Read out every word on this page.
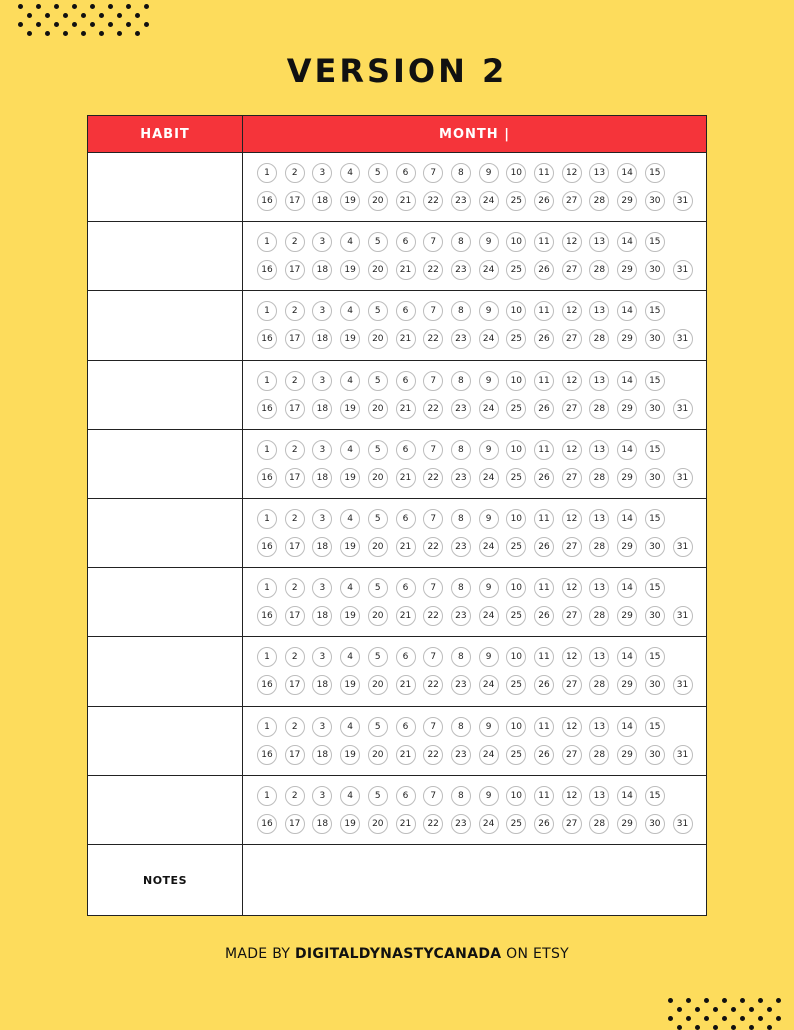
VERSION 2
HABIT	MONTH |
1	2	3	4	5	6	7	8	9	10	11	12	13	14	15
16	17	18	19	20	21	22	23	24	25	26	27	28	29	30	31
1	2	3	4	5	6	7	8	9	10	11	12	13	14	15
16	17	18	19	20	21	22	23	24	25	26	27	28	29	30	31
1	2	3	4	5	6	7	8	9	10	11	12	13	14	15
16	17	18	19	20	21	22	23	24	25	26	27	28	29	30	31
1	2	3	4	5	6	7	8	9	10	11	12	13	14	15
16	17	18	19	20	21	22	23	24	25	26	27	28	29	30	31
1	2	3	4	5	6	7	8	9	10	11	12	13	14	15
16	17	18	19	20	21	22	23	24	25	26	27	28	29	30	31
1	2	3	4	5	6	7	8	9	10	11	12	13	14	15
16	17	18	19	20	21	22	23	24	25	26	27	28	29	30	31
1	2	3	4	5	6	7	8	9	10	11	12	13	14	15
16	17	18	19	20	21	22	23	24	25	26	27	28	29	30	31
1	2	3	4	5	6	7	8	9	10	11	12	13	14	15
16	17	18	19	20	21	22	23	24	25	26	27	28	29	30	31
1	2	3	4	5	6	7	8	9	10	11	12	13	14	15
16	17	18	19	20	21	22	23	24	25	26	27	28	29	30	31
1	2	3	4	5	6	7	8	9	10	11	12	13	14	15
16	17	18	19	20	21	22	23	24	25	26	27	28	29	30	31
NOTES
MADE BY DIGITALDYNASTYCANADA ON ETSY
